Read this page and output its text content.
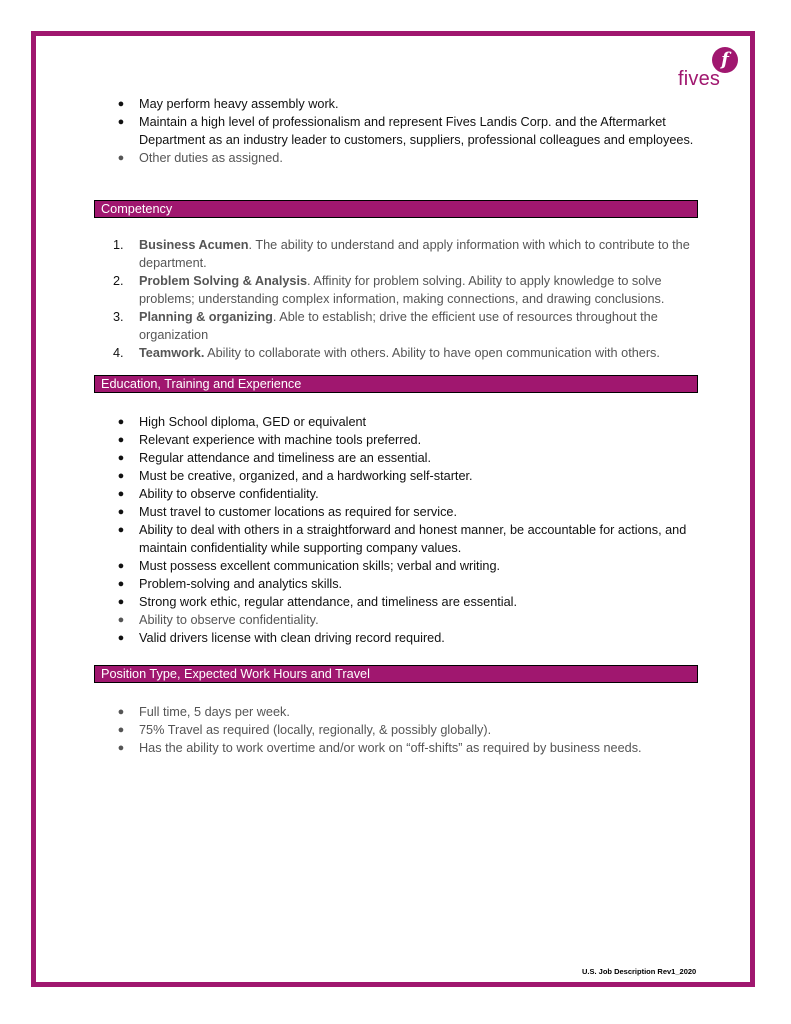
f
fives
● May perform heavy assembly work.
● Maintain a high level of professionalism and represent Fives Landis Corp. and the Aftermarket Department as an industry leader to customers, suppliers, professional colleagues and employees.
● Other duties as assigned.
Competency
1. Business Acumen. The ability to understand and apply information with which to contribute to the department.
2. Problem Solving & Analysis. Affinity for problem solving. Ability to apply knowledge to solve problems; understanding complex information, making connections, and drawing conclusions.
3. Planning & organizing. Able to establish; drive the efficient use of resources throughout the organization
4. Teamwork. Ability to collaborate with others. Ability to have open communication with others.
Education, Training and Experience
● High School diploma, GED or equivalent
● Relevant experience with machine tools preferred.
● Regular attendance and timeliness are an essential.
● Must be creative, organized, and a hardworking self-starter.
● Ability to observe confidentiality.
● Must travel to customer locations as required for service.
● Ability to deal with others in a straightforward and honest manner, be accountable for actions, and maintain confidentiality while supporting company values.
● Must possess excellent communication skills; verbal and writing.
● Problem-solving and analytics skills.
● Strong work ethic, regular attendance, and timeliness are essential.
● Ability to observe confidentiality.
● Valid drivers license with clean driving record required.
Position Type, Expected Work Hours and Travel
● Full time, 5 days per week.
● 75% Travel as required (locally, regionally, & possibly globally).
● Has the ability to work overtime and/or work on “off-shifts” as required by business needs.
U.S. Job Description Rev1_2020
